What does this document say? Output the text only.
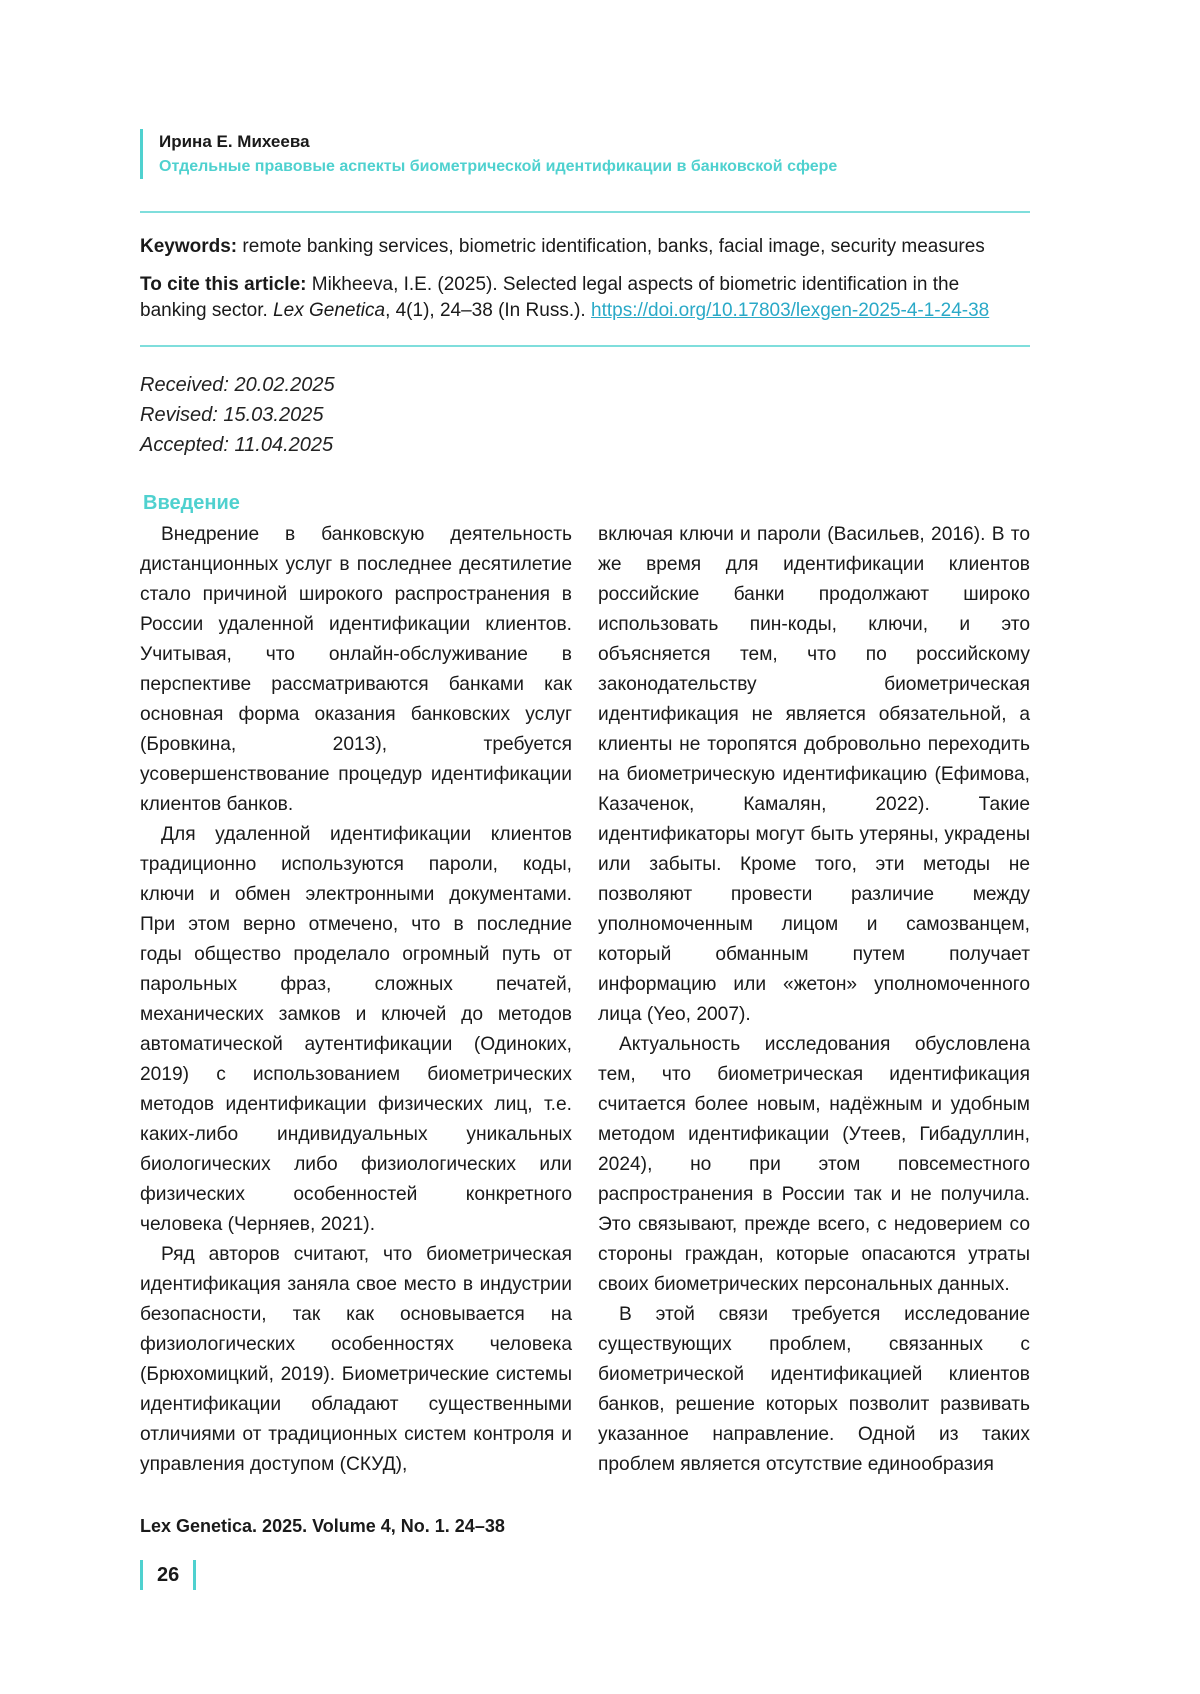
Ирина Е. Михеева
Отдельные правовые аспекты биометрической идентификации в банковской сфере
Keywords: remote banking services, biometric identification, banks, facial image, security measures
To cite this article: Mikheeva, I.E. (2025). Selected legal aspects of biometric identification in the banking sector. Lex Genetica, 4(1), 24–38 (In Russ.). https://doi.org/10.17803/lexgen-2025-4-1-24-38
Received: 20.02.2025
Revised: 15.03.2025
Accepted: 11.04.2025
Введение

Внедрение в банковскую деятельность дистанционных услуг в последнее десятилетие стало причиной широкого распространения в России удаленной идентификации клиентов. Учитывая, что онлайн-обслуживание в перспективе рассматриваются банками как основная форма оказания банковских услуг (Бровкина, 2013), требуется усовершенствование процедур идентификации клиентов банков.

Для удаленной идентификации клиентов традиционно используются пароли, коды, ключи и обмен электронными документами. При этом верно отмечено, что в последние годы общество проделало огромный путь от парольных фраз, сложных печатей, механических замков и ключей до методов автоматической аутентификации (Одиноких, 2019) с использованием биометрических методов идентификации физических лиц, т.е. каких-либо индивидуальных уникальных биологических либо физиологических или физических особенностей конкретного человека (Черняев, 2021).

Ряд авторов считают, что биометрическая идентификация заняла свое место в индустрии безопасности, так как основывается на физиологических особенностях человека (Брюхомицкий, 2019). Биометрические системы идентификации обладают существенными отличиями от традиционных систем контроля и управления доступом (СКУД),

включая ключи и пароли (Васильев, 2016). В то же время для идентификации клиентов российские банки продолжают широко использовать пин-коды, ключи, и это объясняется тем, что по российскому законодательству биометрическая идентификация не является обязательной, а клиенты не торопятся добровольно переходить на биометрическую идентификацию (Ефимова, Казаченок, Камалян, 2022). Такие идентификаторы могут быть утеряны, украдены или забыты. Кроме того, эти методы не позволяют провести различие между уполномоченным лицом и самозванцем, который обманным путем получает информацию или «жетон» уполномоченного лица (Yeo, 2007).

Актуальность исследования обусловлена тем, что биометрическая идентификация считается более новым, надёжным и удобным методом идентификации (Утеев, Гибадуллин, 2024), но при этом повсеместного распространения в России так и не получила. Это связывают, прежде всего, с недоверием со стороны граждан, которые опасаются утраты своих биометрических персональных данных.

В этой связи требуется исследование существующих проблем, связанных с биометрической идентификацией клиентов банков, решение которых позволит развивать указанное направление. Одной из таких проблем является отсутствие единообразия

Lex Genetica. 2025. Volume 4, No. 1. 24–38
26
